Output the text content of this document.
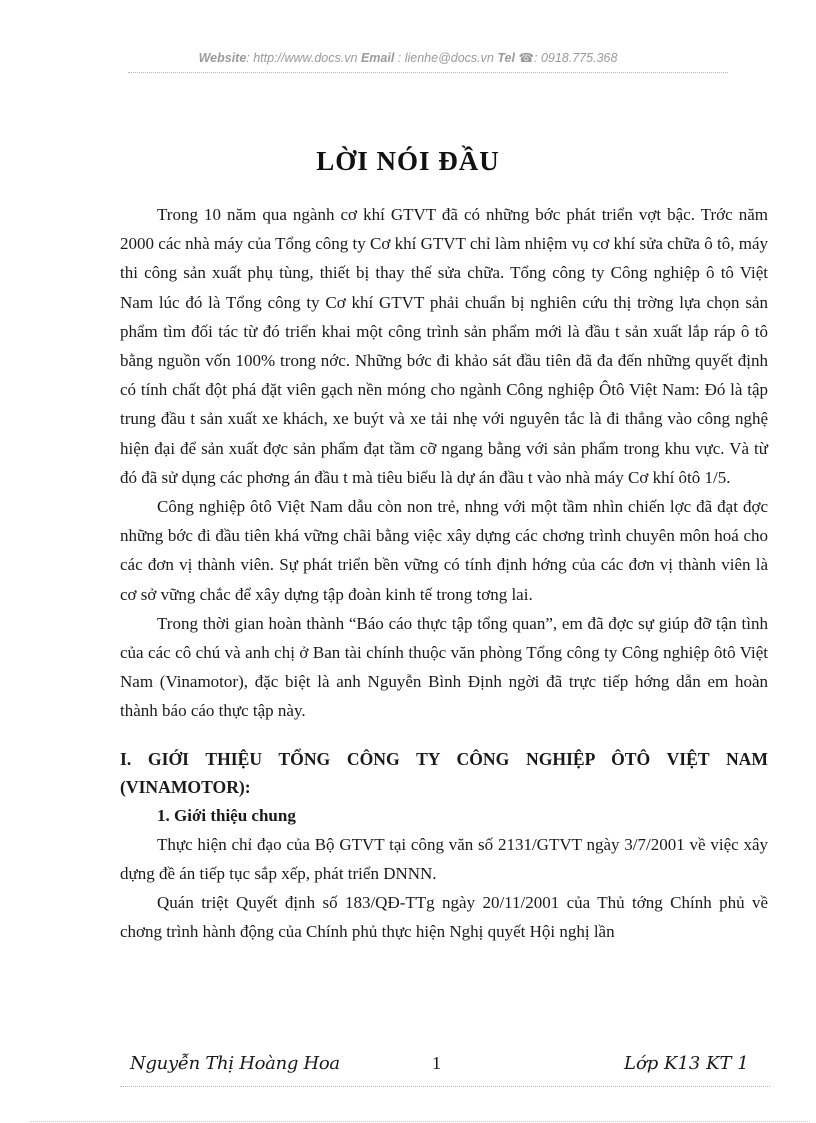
Website: http://www.docs.vn Email : lienhe@docs.vn Tel ☎: 0918.775.368
LỜI NÓI ĐẦU

Trong 10 năm qua ngành cơ khí GTVT đã có những bớc phát triển vợt bậc. Trớc năm 2000 các nhà máy của Tổng công ty Cơ khí GTVT chỉ làm nhiệm vụ cơ khí sửa chữa ô tô, máy thi công sản xuất phụ tùng, thiết bị thay thế sửa chữa. Tổng công ty Công nghiệp ô tô Việt Nam lúc đó là Tổng công ty Cơ khí GTVT phải chuẩn bị nghiên cứu thị trờng lựa chọn sản phẩm tìm đối tác từ đó triển khai một công trình sản phẩm mới là đầu t sản xuất lắp ráp ô tô bằng nguồn vốn 100% trong nớc. Những bớc đi khảo sát đầu tiên đã đa đến những quyết định có tính chất đột phá đặt viên gạch nền móng cho ngành Công nghiệp Ôtô Việt Nam: Đó là tập trung đầu t sản xuất xe khách, xe buýt và xe tải nhẹ với nguyên tắc là đi thẳng vào công nghệ hiện đại để sản xuất đợc sản phẩm đạt tầm cỡ ngang bằng với sản phẩm trong khu vực. Và từ đó đã sử dụng các phơng án đầu t mà tiêu biểu là dự án đầu t vào nhà máy Cơ khí ôtô 1/5.

Công nghiệp ôtô Việt Nam dẫu còn non trẻ, nhng với một tầm nhìn chiến lợc đã đạt đợc những bớc đi đầu tiên khá vững chãi bằng việc xây dựng các chơng trình chuyên môn hoá cho các đơn vị thành viên. Sự phát triển bền vững có tính định hớng của các đơn vị thành viên là cơ sở vững chắc để xây dựng tập đoàn kinh tế trong tơng lai.

Trong thời gian hoàn thành “Báo cáo thực tập tổng quan”, em đã đợc sự giúp đỡ tận tình của các cô chú và anh chị ở Ban tài chính thuộc văn phòng Tổng công ty Công nghiệp ôtô Việt Nam (Vinamotor), đặc biệt là anh Nguyễn Bình Định ngời đã trực tiếp hớng dẫn em hoàn thành báo cáo thực tập này.

I. GIỚI THIỆU TỔNG CÔNG TY CÔNG NGHIỆP ÔTÔ VIỆT NAM (VINAMOTOR):

1. Giới thiệu chung

Thực hiện chỉ đạo của Bộ GTVT tại công văn số 2131/GTVT ngày 3/7/2001 về việc xây dựng đề án tiếp tục sắp xếp, phát triển DNNN.

Quán triệt Quyết định số 183/QĐ-TTg ngày 20/11/2001 của Thủ tớng Chính phủ về chơng trình hành động của Chính phủ thực hiện Nghị quyết Hội nghị lần

Nguyễn Thị Hoàng Hoa	1	Lớp K13 KT 1
